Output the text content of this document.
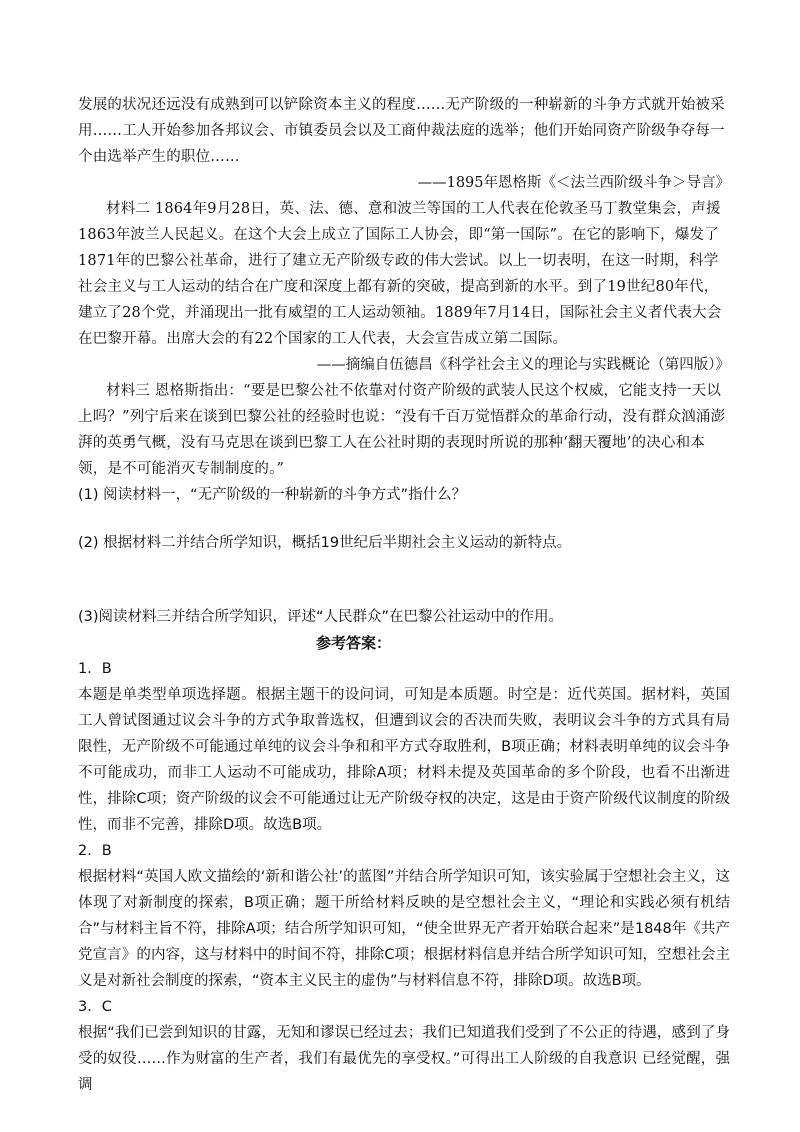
发展的状况还远没有成熟到可以铲除资本主义的程度……无产阶级的一种崭新的斗争方式就开始被采用……工人开始参加各邦议会、市镇委员会以及工商仲裁法庭的选举；他们开始同资产阶级争夺每一个由选举产生的职位……

——1895年恩格斯《＜法兰西阶级斗争＞导言》

材料二 1864年9月28日，英、法、德、意和波兰等国的工人代表在伦敦圣马丁教堂集会，声援1863年波兰人民起义。在这个大会上成立了国际工人协会，即“第一国际”。在它的影响下，爆发了1871年的巴黎公社革命，进行了建立无产阶级专政的伟大尝试。以上一切表明，在这一时期，科学社会主义与工人运动的结合在广度和深度上都有新的突破，提高到新的水平。到了19世纪80年代，建立了28个党，并涌现出一批有威望的工人运动领袖。1889年7月14日，国际社会主义者代表大会在巴黎开幕。出席大会的有22个国家的工人代表，大会宣告成立第二国际。

——摘编自伍德昌《科学社会主义的理论与实践概论（第四版）》

材料三 恩格斯指出：“要是巴黎公社不依靠对付资产阶级的武装人民这个权威，它能支持一天以上吗？”列宁后来在谈到巴黎公社的经验时也说：“没有千百万觉悟群众的革命行动，没有群众汹涌澎湃的英勇气概，没有马克思在谈到巴黎工人在公社时期的表现时所说的那种‘翻天覆地’的决心和本领，是不可能消灭专制制度的。”

(1) 阅读材料一，“无产阶级的一种崭新的斗争方式”指什么？

(2) 根据材料二并结合所学知识，概括19世纪后半期社会主义运动的新特点。

(3)阅读材料三并结合所学知识，评述“人民群众”在巴黎公社运动中的作用。

参考答案：

1．B

本题是单类型单项选择题。根据主题干的设问词，可知是本质题。时空是：近代英国。据材料，英国工人曾试图通过议会斗争的方式争取普选权，但遭到议会的否决而失败，表明议会斗争的方式具有局限性，无产阶级不可能通过单纯的议会斗争和和平方式夺取胜利，B项正确；材料表明单纯的议会斗争不可能成功，而非工人运动不可能成功，排除A项；材料未提及英国革命的多个阶段，也看不出渐进性，排除C项；资产阶级的议会不可能通过让无产阶级夺权的决定，这是由于资产阶级代议制度的阶级性，而非不完善，排除D项。故选B项。

2．B

根据材料“英国人欧文描绘的‘新和谐公社’的蓝图”并结合所学知识可知，该实验属于空想社会主义，这体现了对新制度的探索，B项正确；题干所给材料反映的是空想社会主义，“理论和实践必须有机结合”与材料主旨不符，排除A项；结合所学知识可知，“使全世界无产者开始联合起来”是1848年《共产党宣言》的内容，这与材料中的时间不符，排除C项；根据材料信息并结合所学知识可知，空想社会主义是对新社会制度的探索，“资本主义民主的虚伪”与材料信息不符，排除D项。故选B项。

3．C

根据“我们已尝到知识的甘露，无知和谬误已经过去；我们已知道我们受到了不公正的待遇，感到了身受的奴役……作为财富的生产者，我们有最优先的享受权。”可得出工人阶级的自我意识 已经觉醒，强调
